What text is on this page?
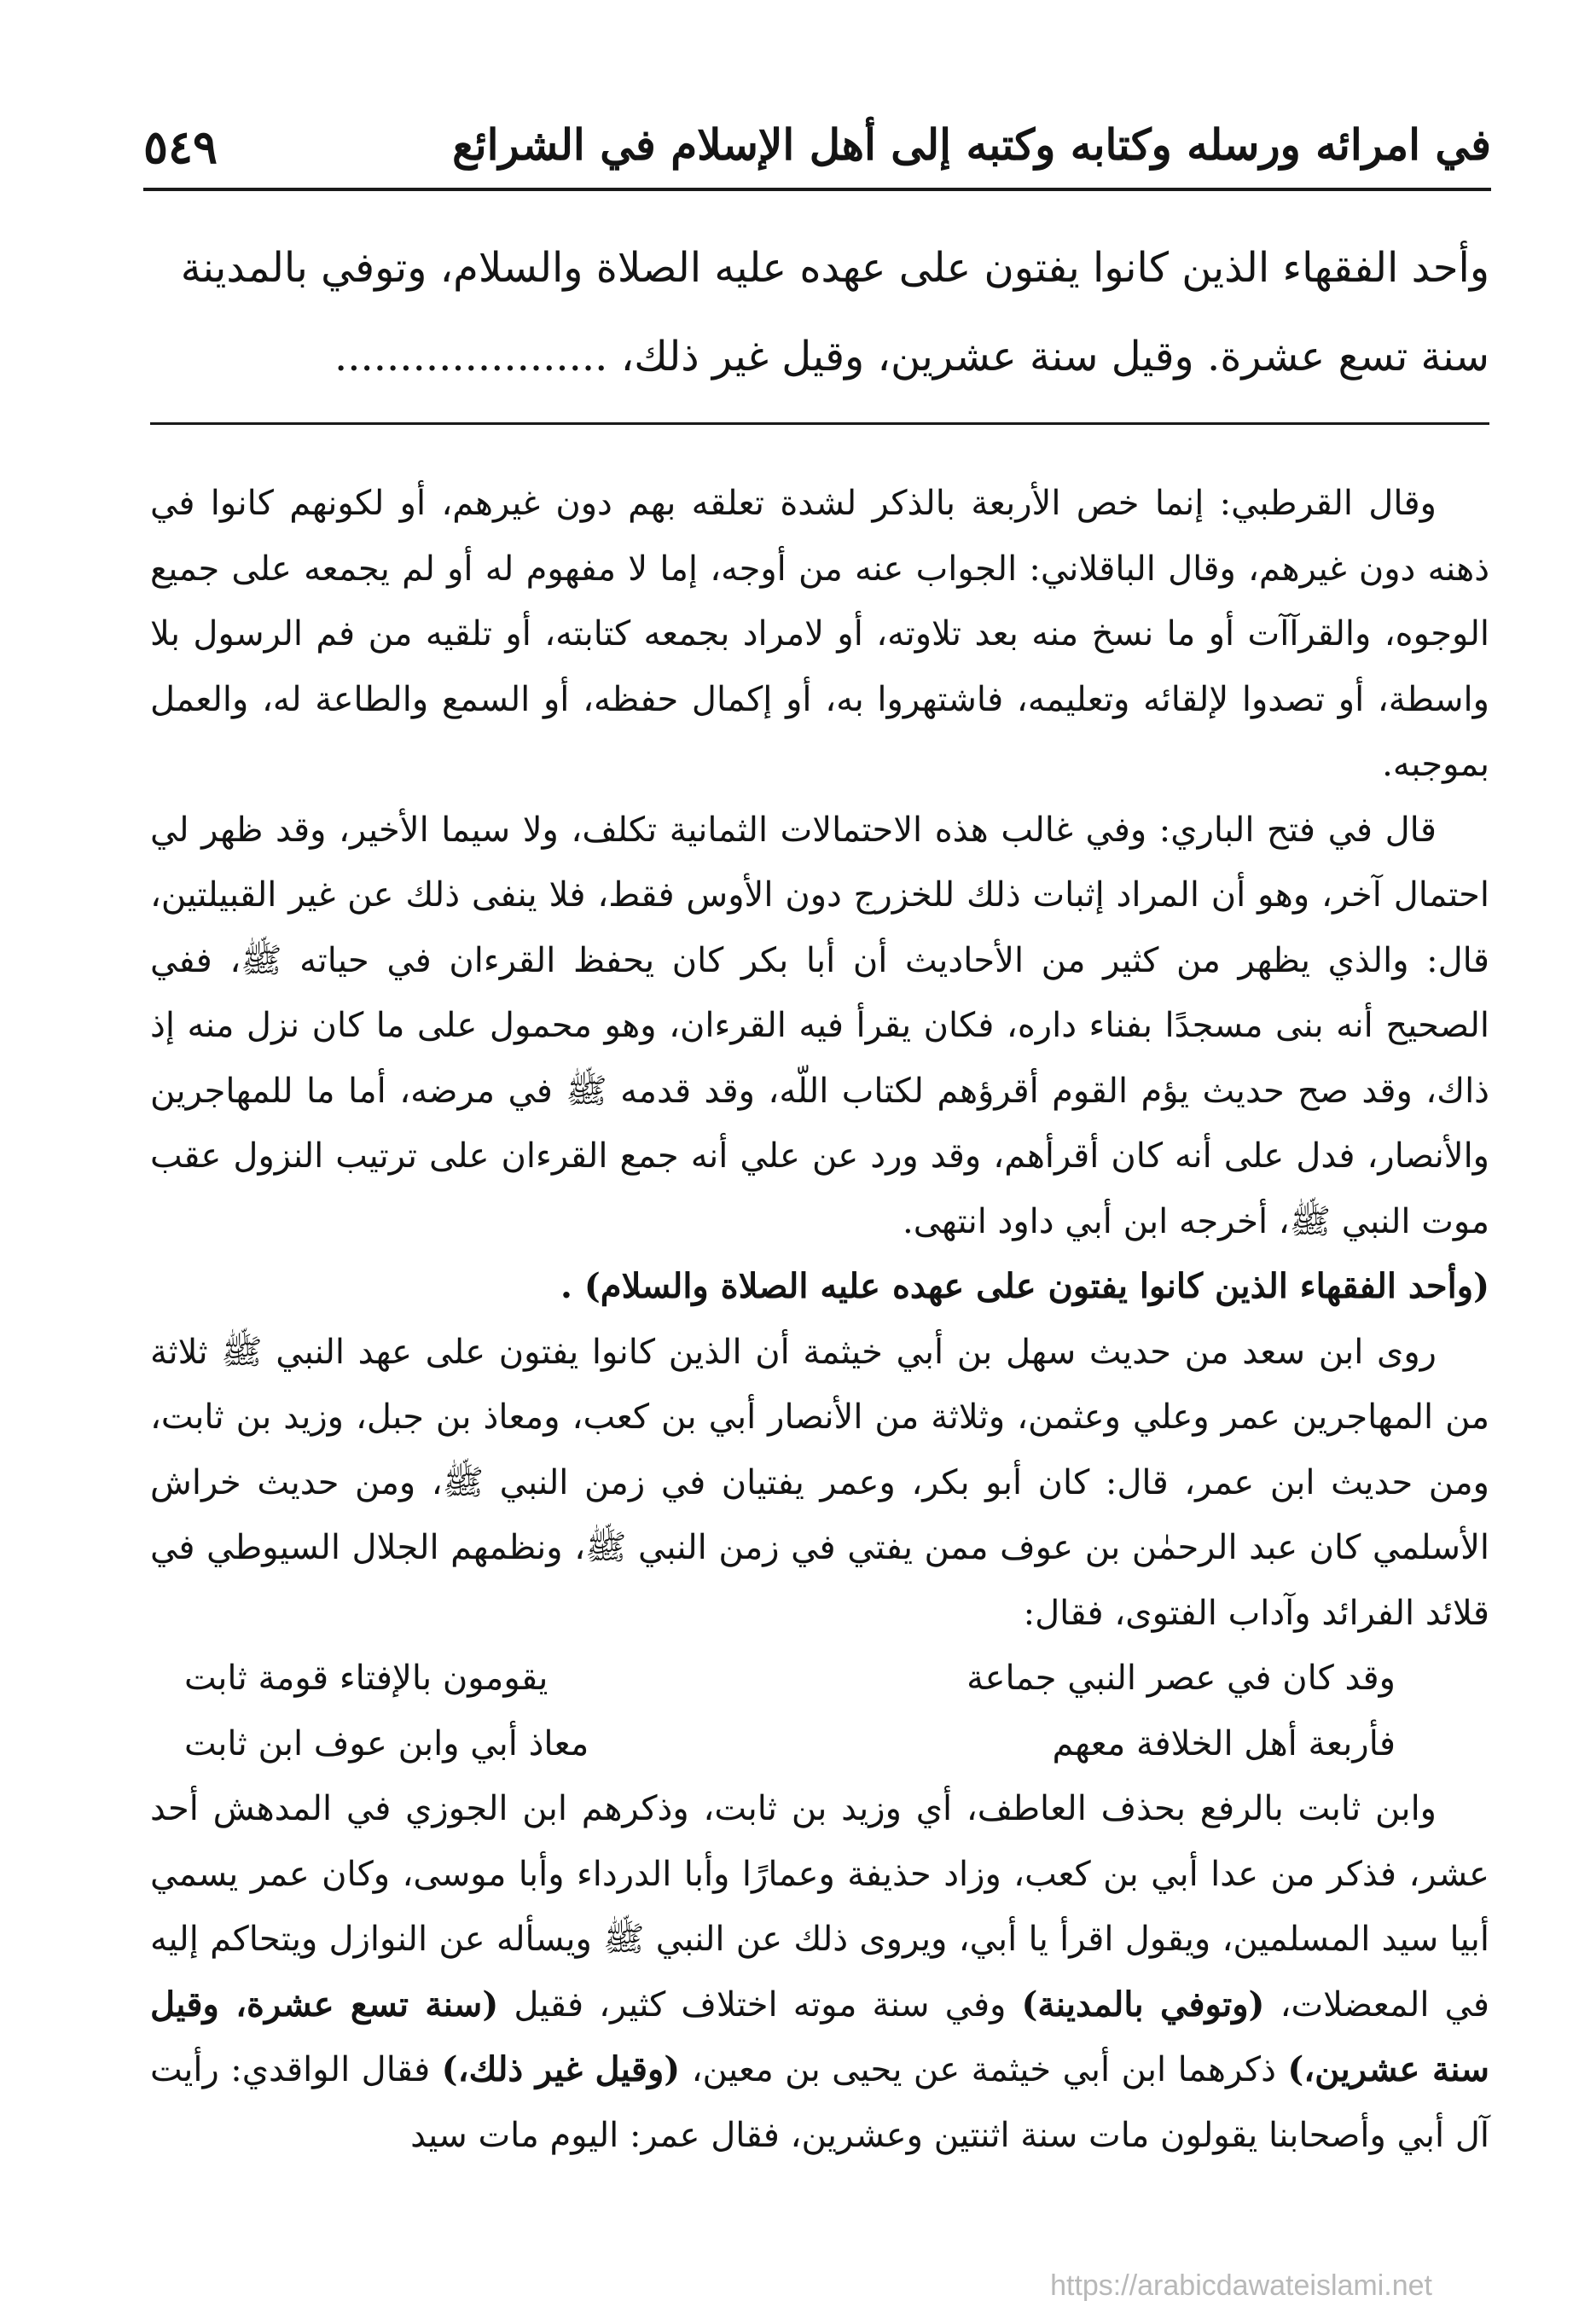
في امرائه ورسله وكتابه وكتبه إلى أهل الإسلام في الشرائع
٥٤٩

وأحد الفقهاء الذين كانوا يفتون على عهده عليه الصلاة والسلام، وتوفي بالمدينة

سنة تسع عشرة. وقيل سنة عشرين، وقيل غير ذلك، .....................

وقال القرطبي: إنما خص الأربعة بالذكر لشدة تعلقه بهم دون غيرهم، أو لكونهم كانوا في ذهنه دون غيرهم، وقال الباقلاني: الجواب عنه من أوجه، إما لا مفهوم له أو لم يجمعه على جميع الوجوه، والقرآآت أو ما نسخ منه بعد تلاوته، أو لامراد بجمعه كتابته، أو تلقيه من فم الرسول بلا واسطة، أو تصدوا لإلقائه وتعليمه، فاشتهروا به، أو إكمال حفظه، أو السمع والطاعة له، والعمل بموجبه.

قال في فتح الباري: وفي غالب هذه الاحتمالات الثمانية تكلف، ولا سيما الأخير، وقد ظهر لي احتمال آخر، وهو أن المراد إثبات ذلك للخزرج دون الأوس فقط، فلا ينفى ذلك عن غير القبيلتين، قال: والذي يظهر من كثير من الأحاديث أن أبا بكر كان يحفظ القرءان في حياته ﷺ، ففي الصحيح أنه بنى مسجدًا بفناء داره، فكان يقرأ فيه القرءان، وهو محمول على ما كان نزل منه إذ ذاك، وقد صح حديث يؤم القوم أقرؤهم لكتاب اللّه، وقد قدمه ﷺ في مرضه، أما ما للمهاجرين والأنصار، فدل على أنه كان أقرأهم، وقد ورد عن علي أنه جمع القرءان على ترتيب النزول عقب موت النبي ﷺ، أخرجه ابن أبي داود انتهى.

(وأحد الفقهاء الذين كانوا يفتون على عهده عليه الصلاة والسلام) .

روى ابن سعد من حديث سهل بن أبي خيثمة أن الذين كانوا يفتون على عهد النبي ﷺ ثلاثة من المهاجرين عمر وعلي وعثمن، وثلاثة من الأنصار أبي بن كعب، ومعاذ بن جبل، وزيد بن ثابت، ومن حديث ابن عمر، قال: كان أبو بكر، وعمر يفتيان في زمن النبي ﷺ، ومن حديث خراش الأسلمي كان عبد الرحمٰن بن عوف ممن يفتي في زمن النبي ﷺ، ونظمهم الجلال السيوطي في قلائد الفرائد وآداب الفتوى، فقال:

وقد كان في عصر النبي جماعة
يقومون بالإفتاء قومة ثابت
فأربعة أهل الخلافة معهم
معاذ أبي وابن عوف ابن ثابت

وابن ثابت بالرفع بحذف العاطف، أي وزيد بن ثابت، وذكرهم ابن الجوزي في المدهش أحد عشر، فذكر من عدا أبي بن كعب، وزاد حذيفة وعمارًا وأبا الدرداء وأبا موسى، وكان عمر يسمي أبيا سيد المسلمين، ويقول اقرأ يا أبي، ويروى ذلك عن النبي ﷺ ويسأله عن النوازل ويتحاكم إليه في المعضلات، (وتوفي بالمدينة) وفي سنة موته اختلاف كثير، فقيل (سنة تسع عشرة، وقيل سنة عشرين،) ذكرهما ابن أبي خيثمة عن يحيى بن معين، (وقيل غير ذلك،) فقال الواقدي: رأيت آل أبي وأصحابنا يقولون مات سنة اثنتين وعشرين، فقال عمر: اليوم مات سيد

https://arabicdawateislami.net
